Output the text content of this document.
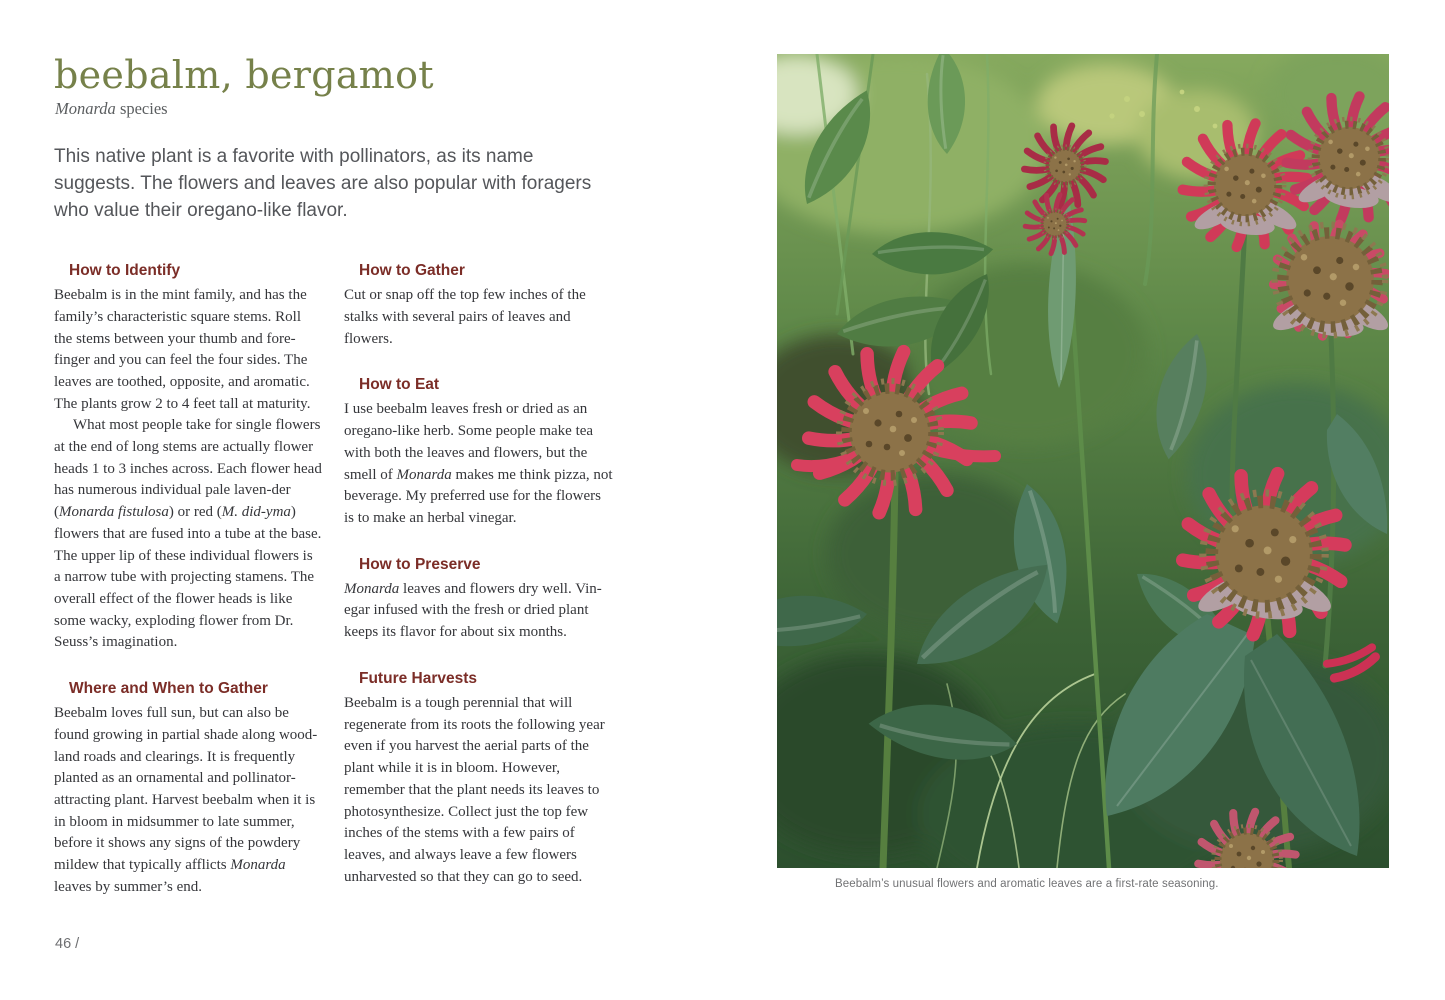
beebalm, bergamot

Monarda species

This native plant is a favorite with pollinators, as its name suggests. The flowers and leaves are also popular with foragers who value their oregano-like flavor.

How to Identify

Beebalm is in the mint family, and has the family’s characteristic square stems. Roll the stems between your thumb and fore-finger and you can feel the four sides. The leaves are toothed, opposite, and aromatic. The plants grow 2 to 4 feet tall at maturity.

What most people take for single flowers at the end of long stems are actually flower heads 1 to 3 inches across. Each flower head has numerous individual pale laven-der (Monarda fistulosa) or red (M. did-yma) flowers that are fused into a tube at the base. The upper lip of these individual flowers is a narrow tube with projecting stamens. The overall effect of the flower heads is like some wacky, exploding flower from Dr. Seuss’s imagination.

Where and When to Gather

Beebalm loves full sun, but can also be found growing in partial shade along wood-land roads and clearings. It is frequently planted as an ornamental and pollinator-attracting plant. Harvest beebalm when it is in bloom in midsummer to late summer, before it shows any signs of the powdery mildew that typically afflicts Monarda leaves by summer’s end.

How to Gather

Cut or snap off the top few inches of the stalks with several pairs of leaves and flowers.

How to Eat

I use beebalm leaves fresh or dried as an oregano-like herb. Some people make tea with both the leaves and flowers, but the smell of Monarda makes me think pizza, not beverage. My preferred use for the flowers is to make an herbal vinegar.

How to Preserve

Monarda leaves and flowers dry well. Vin-egar infused with the fresh or dried plant keeps its flavor for about six months.

Future Harvests

Beebalm is a tough perennial that will regenerate from its roots the following year even if you harvest the aerial parts of the plant while it is in bloom. However, remember that the plant needs its leaves to photosynthesize. Collect just the top few inches of the stems with a few pairs of leaves, and always leave a few flowers unharvested so that they can go to seed.	Beebalm’s unusual flowers and aromatic leaves are a first-rate seasoning.

46 /
